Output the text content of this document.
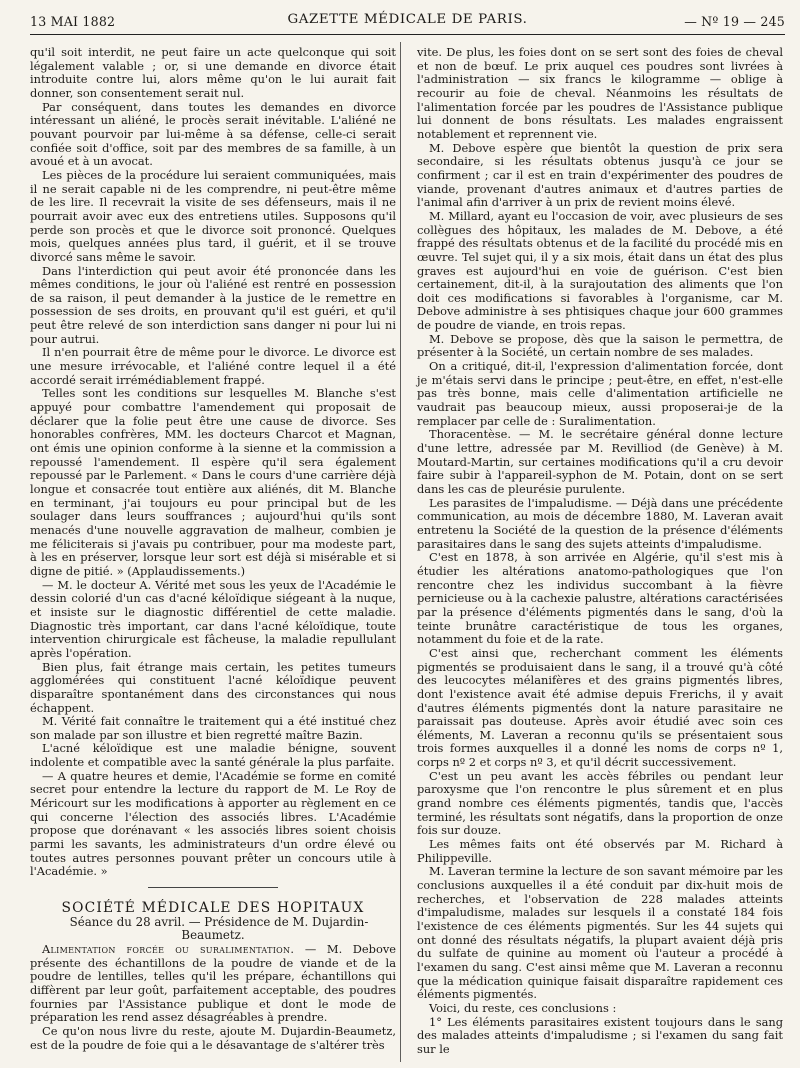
13 MAI 1882	GAZETTE MÉDICALE DE PARIS.	— Nº 19 — 245

qu'il soit interdit, ne peut faire un acte quelconque qui soit légalement valable ; or, si une demande en divorce était introduite contre lui, alors même qu'on le lui aurait fait donner, son consentement serait nul.

Par conséquent, dans toutes les demandes en divorce intéressant un aliéné, le procès serait inévitable. L'aliéné ne pouvant pourvoir par lui-même à sa défense, celle-ci serait confiée soit d'office, soit par des membres de sa famille, à un avoué et à un avocat.

Les pièces de la procédure lui seraient communiquées, mais il ne serait capable ni de les comprendre, ni peut-être même de les lire. Il recevrait la visite de ses défenseurs, mais il ne pourrait avoir avec eux des entretiens utiles. Supposons qu'il perde son procès et que le divorce soit prononcé. Quelques mois, quelques années plus tard, il guérit, et il se trouve divorcé sans même le savoir.

Dans l'interdiction qui peut avoir été prononcée dans les mêmes conditions, le jour où l'aliéné est rentré en possession de sa raison, il peut demander à la justice de le remettre en possession de ses droits, en prouvant qu'il est guéri, et qu'il peut être relevé de son interdiction sans danger ni pour lui ni pour autrui.

Il n'en pourrait être de même pour le divorce. Le divorce est une mesure irrévocable, et l'aliéné contre lequel il a été accordé serait irrémédiablement frappé.

Telles sont les conditions sur lesquelles M. Blanche s'est appuyé pour combattre l'amendement qui proposait de déclarer que la folie peut être une cause de divorce. Ses honorables confrères, MM. les docteurs Charcot et Magnan, ont émis une opinion conforme à la sienne et la commission a repoussé l'amendement. Il espère qu'il sera également repoussé par le Parlement. « Dans le cours d'une carrière déjà longue et consacrée tout entière aux aliénés, dit M. Blanche en terminant, j'ai toujours eu pour principal but de les soulager dans leurs souffrances ; aujourd'hui qu'ils sont menacés d'une nouvelle aggravation de malheur, combien je me féliciterais si j'avais pu contribuer, pour ma modeste part, à les en préserver, lorsque leur sort est déjà si misérable et si digne de pitié. » (Applaudissements.)

— M. le docteur A. Vérité met sous les yeux de l'Académie le dessin colorié d'un cas d'acné kéloïdique siégeant à la nuque, et insiste sur le diagnostic différentiel de cette maladie. Diagnostic très important, car dans l'acné kéloïdique, toute intervention chirurgicale est fâcheuse, la maladie repullulant après l'opération.

Bien plus, fait étrange mais certain, les petites tumeurs agglomérées qui constituent l'acné kéloïdique peuvent disparaître spontanément dans des circonstances qui nous échappent.

M. Vérité fait connaître le traitement qui a été institué chez son malade par son illustre et bien regretté maître Bazin.

L'acné kéloïdique est une maladie bénigne, souvent indolente et compatible avec la santé générale la plus parfaite.

— A quatre heures et demie, l'Académie se forme en comité secret pour entendre la lecture du rapport de M. Le Roy de Méricourt sur les modifications à apporter au règlement en ce qui concerne l'élection des associés libres. L'Académie propose que dorénavant « les associés libres soient choisis parmi les savants, les administrateurs d'un ordre élevé ou toutes autres personnes pouvant prêter un concours utile à l'Académie. »

SOCIÉTÉ MÉDICALE DES HOPITAUX

Séance du 28 avril. — Présidence de M. Dujardin-Beaumetz.

Alimentation forcée ou suralimentation. — M. Debove présente des échantillons de la poudre de viande et de la poudre de lentilles, telles qu'il les prépare, échantillons qui diffèrent par leur goût, parfaitement acceptable, des poudres fournies par l'Assistance publique et dont le mode de préparation les rend assez désagréables à prendre.

Ce qu'on nous livre du reste, ajoute M. Dujardin-Beaumetz, est de la poudre de foie qui a le désavantage de s'altérer très

vite. De plus, les foies dont on se sert sont des foies de cheval et non de bœuf. Le prix auquel ces poudres sont livrées à l'administration — six francs le kilogramme — oblige à recourir au foie de cheval. Néanmoins les résultats de l'alimentation forcée par les poudres de l'Assistance publique lui donnent de bons résultats. Les malades engraissent notablement et reprennent vie.

M. Debove espère que bientôt la question de prix sera secondaire, si les résultats obtenus jusqu'à ce jour se confirment ; car il est en train d'expérimenter des poudres de viande, provenant d'autres animaux et d'autres parties de l'animal afin d'arriver à un prix de revient moins élevé.

M. Millard, ayant eu l'occasion de voir, avec plusieurs de ses collègues des hôpitaux, les malades de M. Debove, a été frappé des résultats obtenus et de la facilité du procédé mis en œuvre. Tel sujet qui, il y a six mois, était dans un état des plus graves est aujourd'hui en voie de guérison. C'est bien certainement, dit-il, à la surajoutation des aliments que l'on doit ces modifications si favorables à l'organisme, car M. Debove administre à ses phtisiques chaque jour 600 grammes de poudre de viande, en trois repas.

M. Debove se propose, dès que la saison le permettra, de présenter à la Société, un certain nombre de ses malades.

On a critiqué, dit-il, l'expression d'alimentation forcée, dont je m'étais servi dans le principe ; peut-être, en effet, n'est-elle pas très bonne, mais celle d'alimentation artificielle ne vaudrait pas beaucoup mieux, aussi proposerai-je de la remplacer par celle de : Suralimentation.

Thoracentèse. — M. le secrétaire général donne lecture d'une lettre, adressée par M. Revilliod (de Genève) à M. Moutard-Martin, sur certaines modifications qu'il a cru devoir faire subir à l'appareil-syphon de M. Potain, dont on se sert dans les cas de pleurésie purulente.

Les parasites de l'impaludisme. — Déjà dans une précédente communication, au mois de décembre 1880, M. Laveran avait entretenu la Société de la question de la présence d'éléments parasitaires dans le sang des sujets atteints d'impaludisme.

C'est en 1878, à son arrivée en Algérie, qu'il s'est mis à étudier les altérations anatomo-pathologiques que l'on rencontre chez les individus succombant à la fièvre pernicieuse ou à la cachexie palustre, altérations caractérisées par la présence d'éléments pigmentés dans le sang, d'où la teinte brunâtre caractéristique de tous les organes, notamment du foie et de la rate.

C'est ainsi que, recherchant comment les éléments pigmentés se produisaient dans le sang, il a trouvé qu'à côté des leucocytes mélanifères et des grains pigmentés libres, dont l'existence avait été admise depuis Frerichs, il y avait d'autres éléments pigmentés dont la nature parasitaire ne paraissait pas douteuse. Après avoir étudié avec soin ces éléments, M. Laveran a reconnu qu'ils se présentaient sous trois formes auxquelles il a donné les noms de corps nº 1, corps nº 2 et corps nº 3, et qu'il décrit successivement.

C'est un peu avant les accès fébriles ou pendant leur paroxysme que l'on rencontre le plus sûrement et en plus grand nombre ces éléments pigmentés, tandis que, l'accès terminé, les résultats sont négatifs, dans la proportion de onze fois sur douze.

Les mêmes faits ont été observés par M. Richard à Philippeville.

M. Laveran termine la lecture de son savant mémoire par les conclusions auxquelles il a été conduit par dix-huit mois de recherches, et l'observation de 228 malades atteints d'impaludisme, malades sur lesquels il a constaté 184 fois l'existence de ces éléments pigmentés. Sur les 44 sujets qui ont donné des résultats négatifs, la plupart avaient déjà pris du sulfate de quinine au moment où l'auteur a procédé à l'examen du sang. C'est ainsi même que M. Laveran a reconnu que la médication quinique faisait disparaître rapidement ces éléments pigmentés.

Voici, du reste, ces conclusions :

1° Les éléments parasitaires existent toujours dans le sang des malades atteints d'impaludisme ; si l'examen du sang fait sur le
